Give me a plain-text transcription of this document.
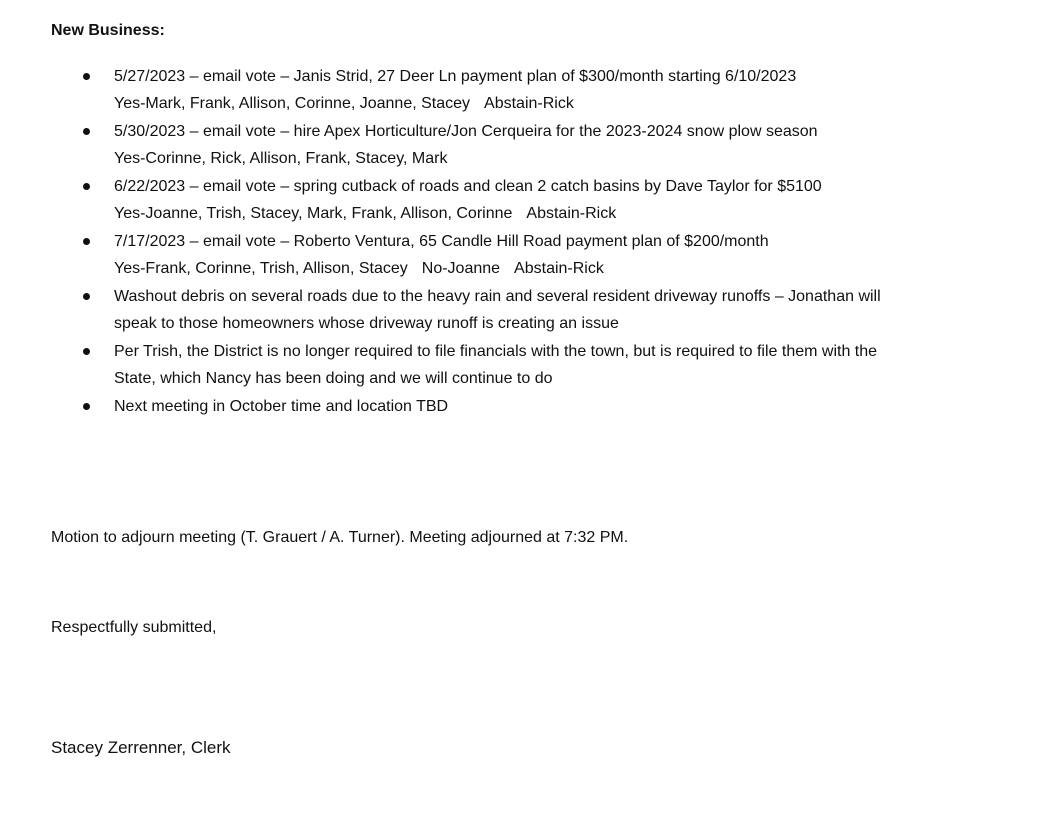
New Business:
5/27/2023 – email vote – Janis Strid, 27 Deer Ln payment plan of $300/month starting 6/10/2023
Yes-Mark, Frank, Allison, Corinne, Joanne, Stacey Abstain-Rick
5/30/2023 – email vote – hire Apex Horticulture/Jon Cerqueira for the 2023-2024 snow plow season
Yes-Corinne, Rick, Allison, Frank, Stacey, Mark
6/22/2023 – email vote – spring cutback of roads and clean 2 catch basins by Dave Taylor for $5100
Yes-Joanne, Trish, Stacey, Mark, Frank, Allison, Corinne Abstain-Rick
7/17/2023 – email vote – Roberto Ventura, 65 Candle Hill Road payment plan of $200/month
Yes-Frank, Corinne, Trish, Allison, Stacey No-Joanne Abstain-Rick
Washout debris on several roads due to the heavy rain and several resident driveway runoffs – Jonathan will
speak to those homeowners whose driveway runoff is creating an issue
Per Trish, the District is no longer required to file financials with the town, but is required to file them with the
State, which Nancy has been doing and we will continue to do
Next meeting in October time and location TBD
Motion to adjourn meeting (T. Grauert / A. Turner). Meeting adjourned at 7:32 PM.
Respectfully submitted,
Stacey Zerrenner, Clerk
